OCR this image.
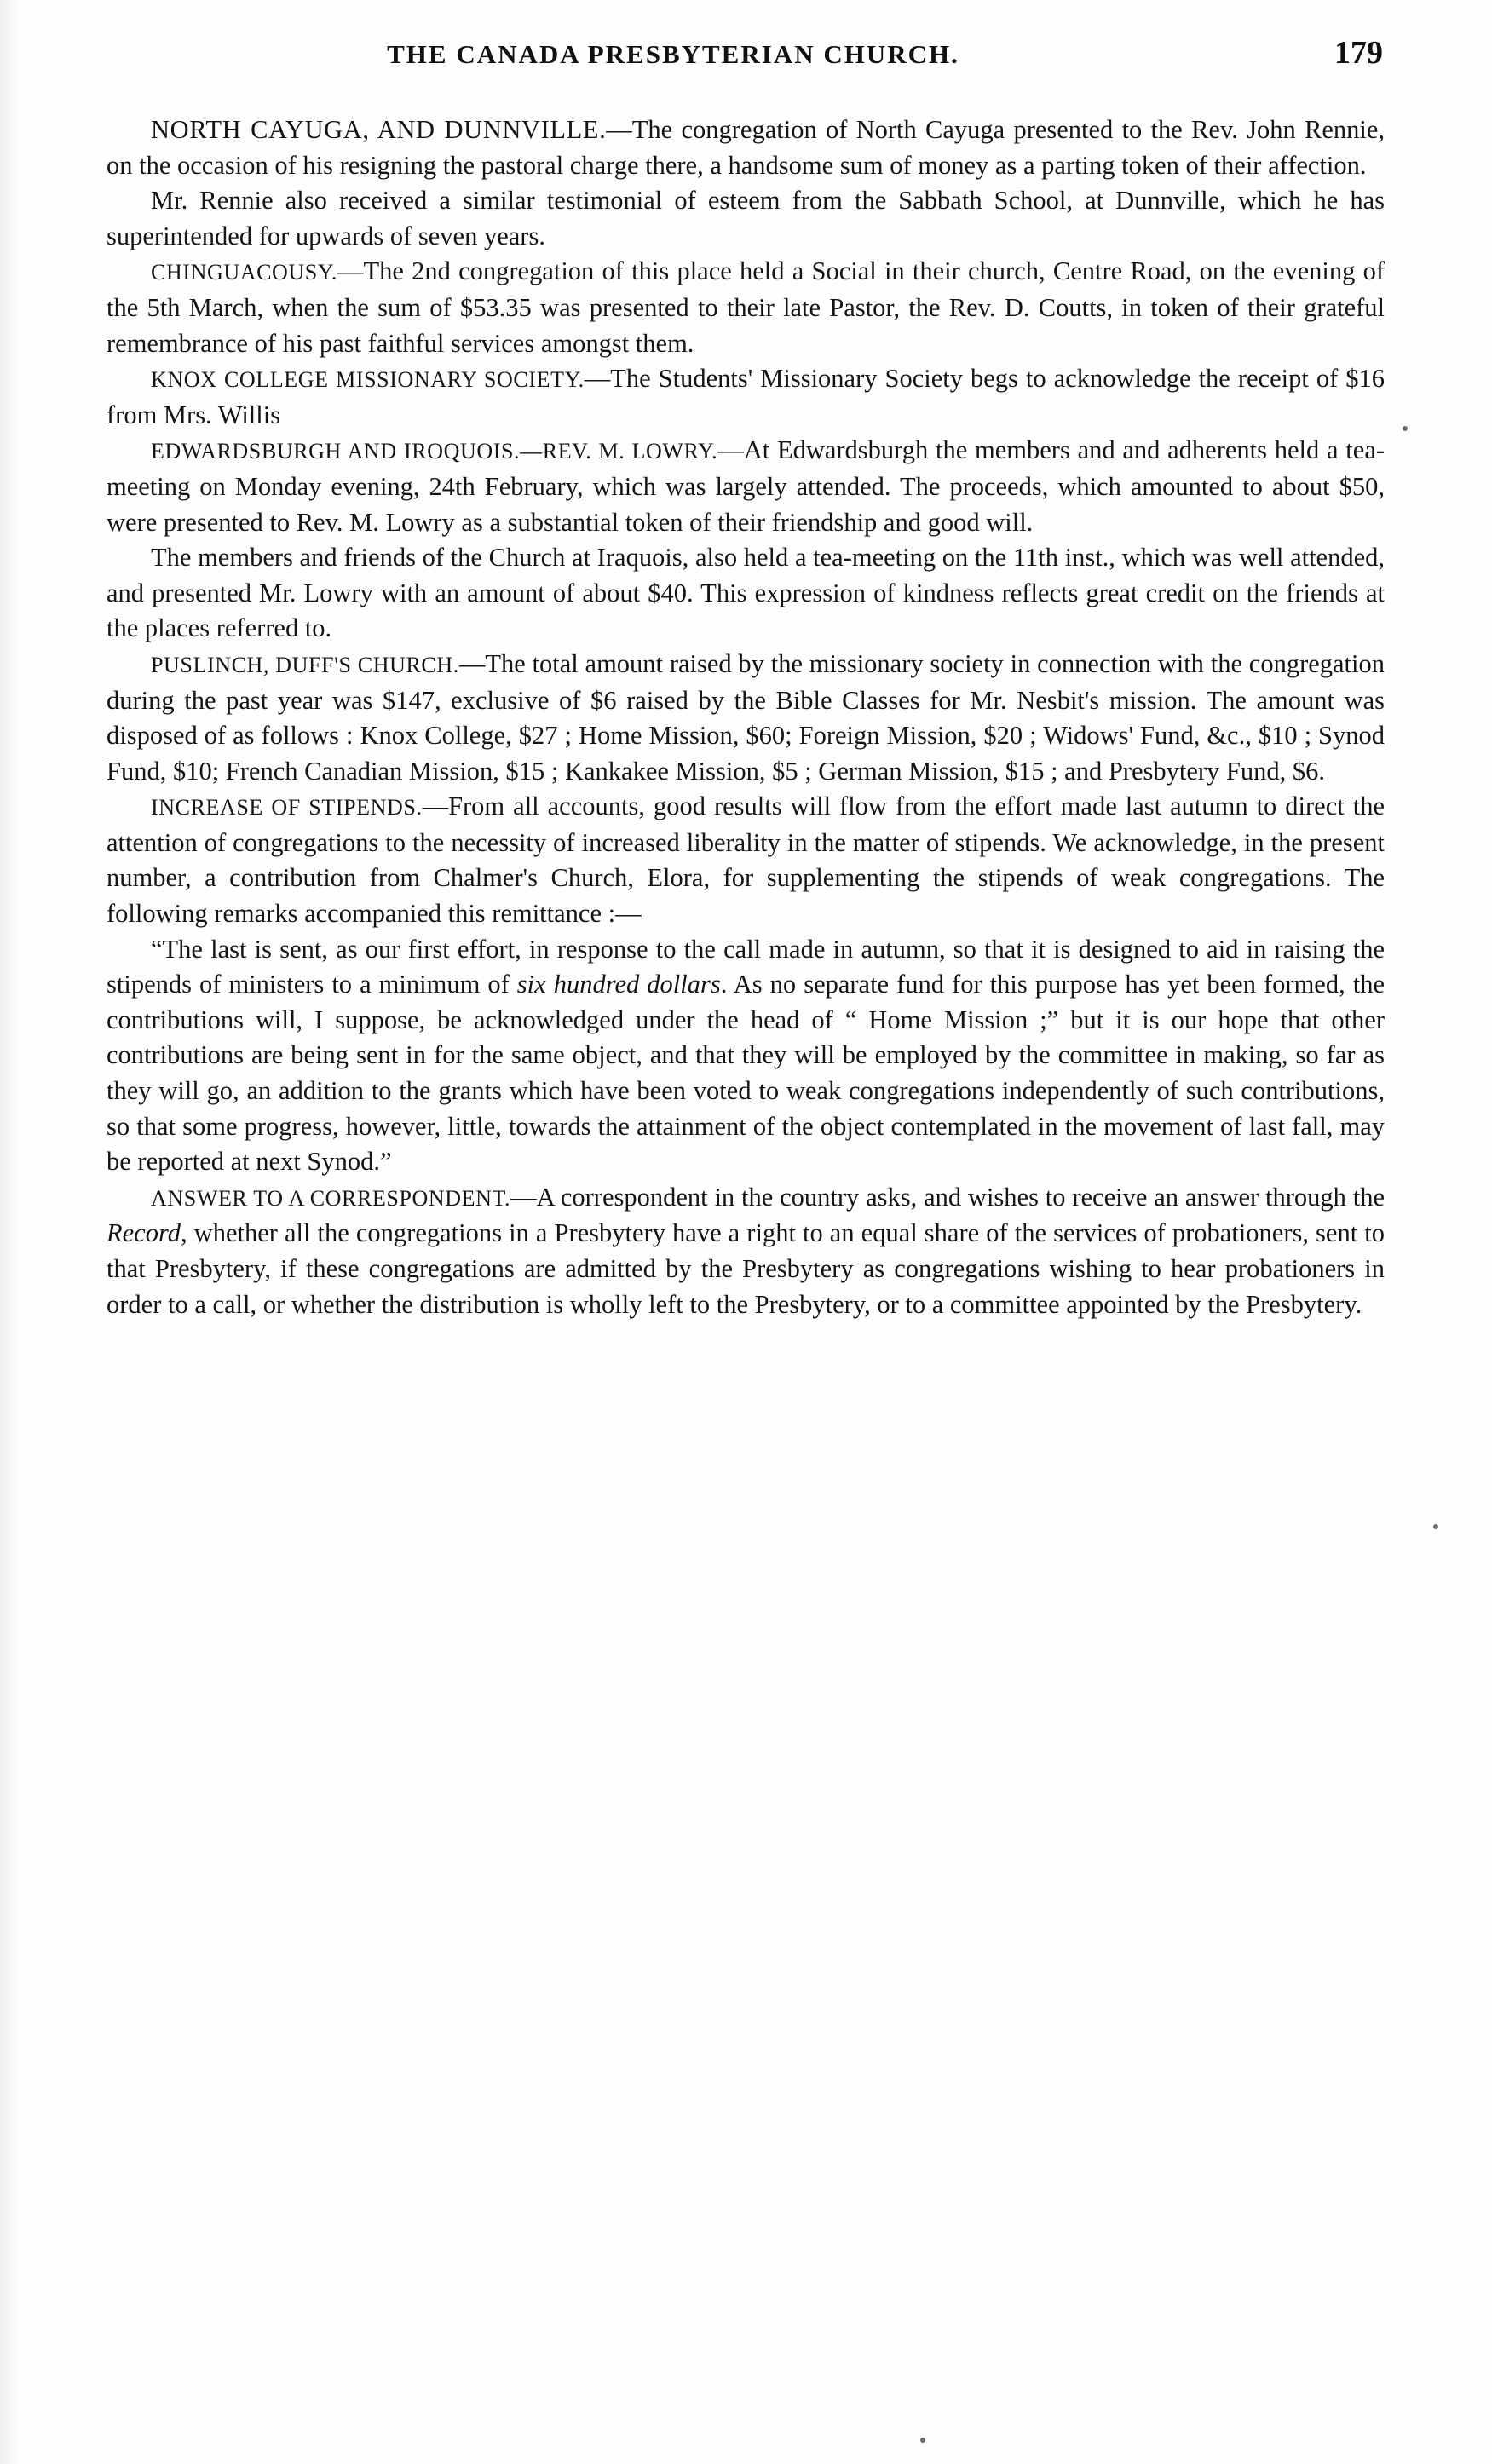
THE CANADA PRESBYTERIAN CHURCH.	179

NORTH CAYUGA, AND DUNNVILLE.—The congregation of North Cayuga presented to the Rev. John Rennie, on the occasion of his resigning the pastoral charge there, a handsome sum of money as a parting token of their affection.

Mr. Rennie also received a similar testimonial of esteem from the Sabbath School, at Dunnville, which he has superintended for upwards of seven years.

CHINGUACOUSY.—The 2nd congregation of this place held a Social in their church, Centre Road, on the evening of the 5th March, when the sum of $53.35 was presented to their late Pastor, the Rev. D. Coutts, in token of their grateful remembrance of his past faithful services amongst them.

KNOX COLLEGE MISSIONARY SOCIETY.—The Students' Missionary Society begs to acknowledge the receipt of $16 from Mrs. Willis

EDWARDSBURGH AND IROQUOIS.—REV. M. LOWRY.—At Edwardsburgh the members and and adherents held a tea-meeting on Monday evening, 24th February, which was largely attended. The proceeds, which amounted to about $50, were presented to Rev. M. Lowry as a substantial token of their friendship and good will.

The members and friends of the Church at Iraquois, also held a tea-meeting on the 11th inst., which was well attended, and presented Mr. Lowry with an amount of about $40. This expression of kindness reflects great credit on the friends at the places referred to.

PUSLINCH, DUFF'S CHURCH.—The total amount raised by the missionary society in connection with the congregation during the past year was $147, exclusive of $6 raised by the Bible Classes for Mr. Nesbit's mission. The amount was disposed of as follows : Knox College, $27 ; Home Mission, $60; Foreign Mission, $20 ; Widows' Fund, &c., $10 ; Synod Fund, $10; French Canadian Mission, $15 ; Kankakee Mission, $5 ; German Mission, $15 ; and Presbytery Fund, $6.

INCREASE OF STIPENDS.—From all accounts, good results will flow from the effort made last autumn to direct the attention of congregations to the necessity of increased liberality in the matter of stipends. We acknowledge, in the present number, a contribution from Chalmer's Church, Elora, for supplementing the stipends of weak congregations. The following remarks accompanied this remittance :—

“The last is sent, as our first effort, in response to the call made in autumn, so that it is designed to aid in raising the stipends of ministers to a minimum of six hundred dollars. As no separate fund for this purpose has yet been formed, the contributions will, I suppose, be acknowledged under the head of “ Home Mission ;” but it is our hope that other contributions are being sent in for the same object, and that they will be employed by the committee in making, so far as they will go, an addition to the grants which have been voted to weak congregations independently of such contributions, so that some progress, however, little, towards the attainment of the object contemplated in the movement of last fall, may be reported at next Synod.”

ANSWER TO A CORRESPONDENT.—A correspondent in the country asks, and wishes to receive an answer through the Record, whether all the congregations in a Presbytery have a right to an equal share of the services of probationers, sent to that Presbytery, if these congregations are admitted by the Presbytery as congregations wishing to hear probationers in order to a call, or whether the distribution is wholly left to the Presbytery, or to a committee appointed by the Presbytery.
